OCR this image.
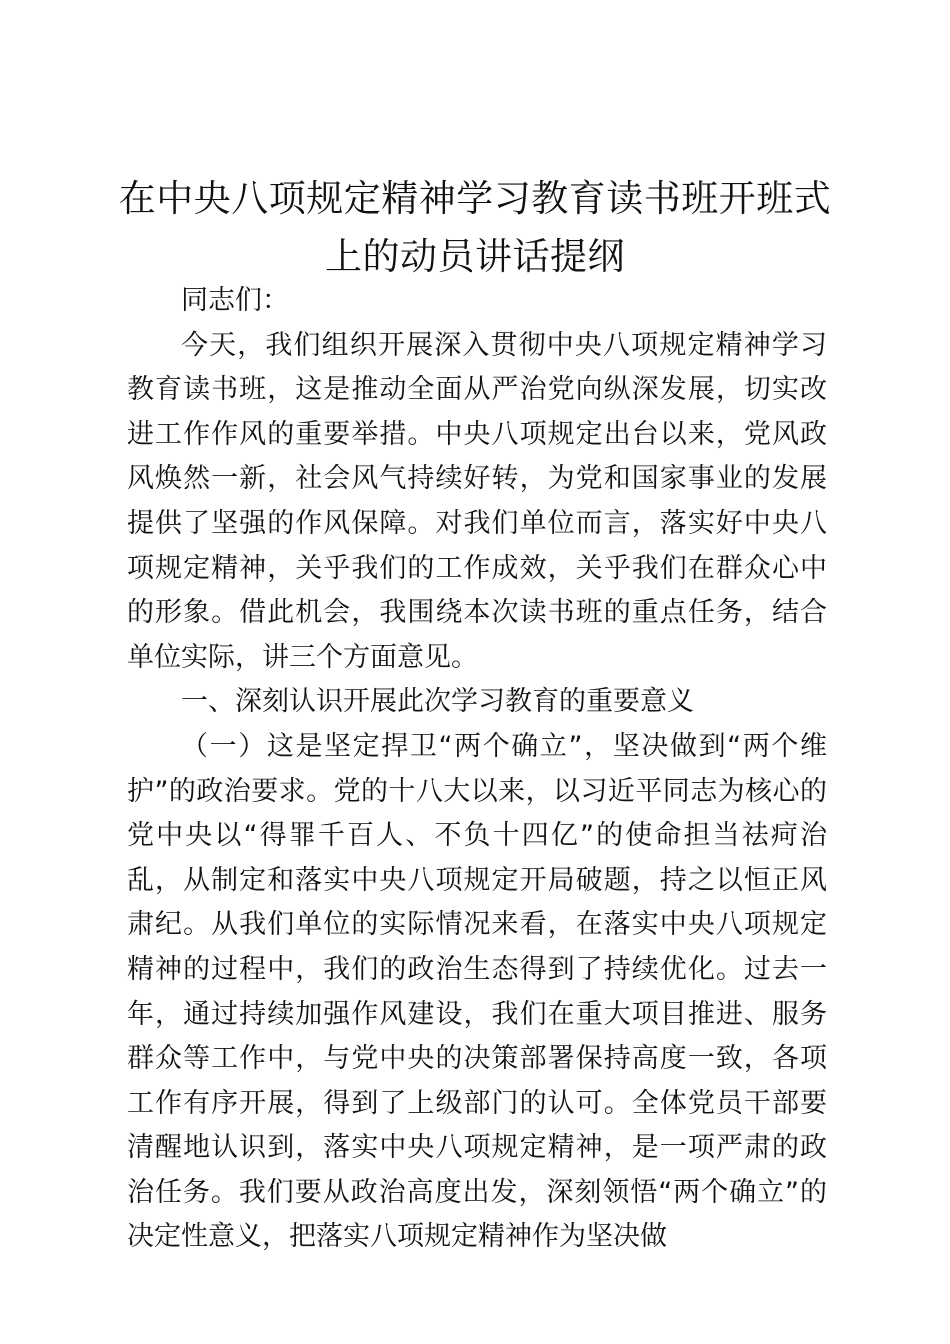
在中央八项规定精神学习教育读书班开班式上的动员讲话提纲

同志们：

今天，我们组织开展深入贯彻中央八项规定精神学习教育读书班，这是推动全面从严治党向纵深发展，切实改进工作作风的重要举措。中央八项规定出台以来，党风政风焕然一新，社会风气持续好转，为党和国家事业的发展提供了坚强的作风保障。对我们单位而言，落实好中央八项规定精神，关乎我们的工作成效，关乎我们在群众心中的形象。借此机会，我围绕本次读书班的重点任务，结合单位实际，讲三个方面意见。

一、深刻认识开展此次学习教育的重要意义

（一）这是坚定捍卫“两个确立”，坚决做到“两个维护”的政治要求。党的十八大以来，以习近平同志为核心的党中央以“得罪千百人、不负十四亿”的使命担当祛疴治乱，从制定和落实中央八项规定开局破题，持之以恒正风肃纪。从我们单位的实际情况来看，在落实中央八项规定精神的过程中，我们的政治生态得到了持续优化。过去一年，通过持续加强作风建设，我们在重大项目推进、服务群众等工作中，与党中央的决策部署保持高度一致，各项工作有序开展，得到了上级部门的认可。全体党员干部要清醒地认识到，落实中央八项规定精神，是一项严肃的政治任务。我们要从政治高度出发，深刻领悟“两个确立”的决定性意义，把落实八项规定精神作为坚决做
